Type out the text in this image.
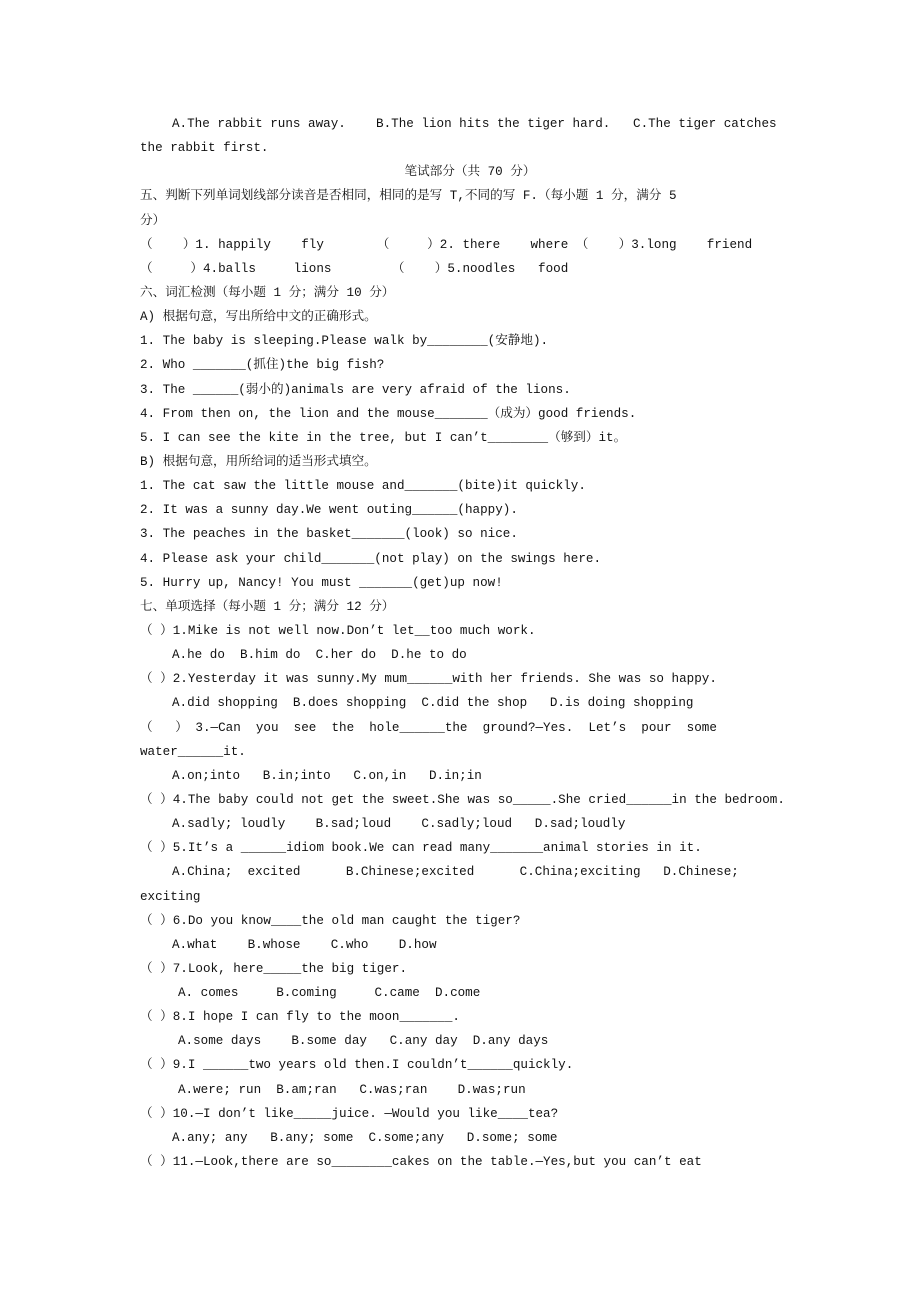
A.The rabbit runs away.    B.The lion hits the tiger hard.   C.The tiger catches
the rabbit first.
笔试部分（共 70 分）
五、判断下列单词划线部分读音是否相同，相同的是写 T,不同的写 F.（每小题 1 分，满分 5
分）
（    ）1. happily    fly       （     ）2. there    where （    ）3.long    friend
（     ）4.balls     lions        （    ）5.noodles   food
六、词汇检测（每小题 1 分；满分 10 分）
A) 根据句意，写出所给中文的正确形式。
1. The baby is sleeping.Please walk by________(安静地).
2. Who _______(抓住)the big fish?
3. The ______(弱小的)animals are very afraid of the lions.
4. From then on, the lion and the mouse_______（成为）good friends.
5. I can see the kite in the tree, but I can’t________（够到）it。
B) 根据句意，用所给词的适当形式填空。
1. The cat saw the little mouse and_______(bite)it quickly.
2. It was a sunny day.We went outing______(happy).
3. The peaches in the basket_______(look) so nice.
4. Please ask your child_______(not play) on the swings here.
5. Hurry up, Nancy! You must _______(get)up now!
七、单项选择（每小题 1 分；满分 12 分）
（ ）1.Mike is not well now.Don’t let__too much work.
A.he do  B.him do  C.her do  D.he to do
（ ）2.Yesterday it was sunny.My mum______with her friends. She was so happy.
A.did shopping  B.does shopping  C.did the shop   D.is doing shopping
（   ） 3.—Can  you  see  the  hole______the  ground?—Yes.  Let’s  pour  some
water______it.
A.on;into   B.in;into   C.on,in   D.in;in
（ ）4.The baby could not get the sweet.She was so_____.She cried______in the bedroom.
A.sadly; loudly    B.sad;loud    C.sadly;loud   D.sad;loudly
（ ）5.It’s a ______idiom book.We can read many_______animal stories in it.
A.China;  excited      B.Chinese;excited      C.China;exciting   D.Chinese;
exciting
（ ）6.Do you know____the old man caught the tiger?
A.what    B.whose    C.who    D.how
（ ）7.Look, here_____the big tiger.
A. comes     B.coming     C.came  D.come
（ ）8.I hope I can fly to the moon_______.
A.some days    B.some day   C.any day  D.any days
（ ）9.I ______two years old then.I couldn’t______quickly.
A.were; run  B.am;ran   C.was;ran    D.was;run
（ ）10.—I don’t like_____juice. —Would you like____tea?
A.any; any   B.any; some  C.some;any   D.some; some
（ ）11.—Look,there are so________cakes on the table.—Yes,but you can’t eat
